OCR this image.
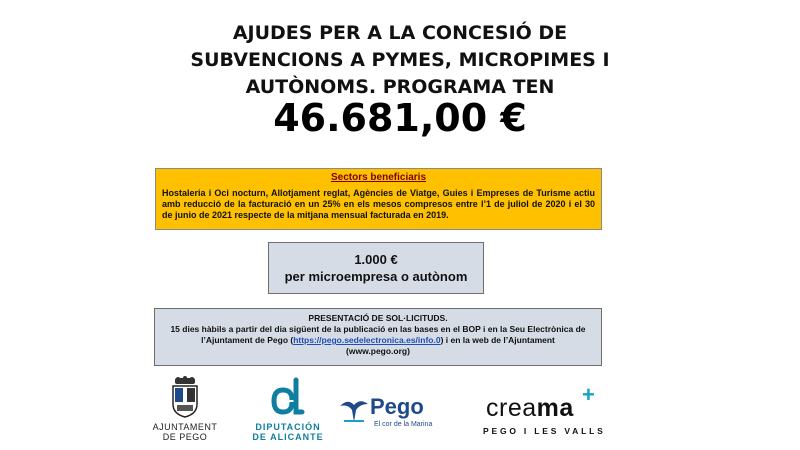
AJUDES PER A LA CONCESIÓ DE
SUBVENCIONS A PYMES, MICROPIMES I
AUTÒNOMS. PROGRAMA TEN
46.681,00 €
Sectors beneficiaris
Hostaleria i Oci nocturn, Allotjament reglat, Agències de Viatge, Guies i Empreses de Turisme actiu amb reducció de la facturació en un 25% en els mesos compresos entre l’1 de juliol de 2020 i el 30 de junio de 2021 respecte de la mitjana mensual facturada en 2019.
1.000 €
per microempresa o autònom
PRESENTACIÓ DE SOL·LICITUDS.
15 dies hàbils a partir del dia sigüent de la publicació en las bases en el BOP i en la Seu Electrònica de
l’Ajuntament de Pego (https://pego.sedelectronica.es/info.0) i en la web de l’Ajuntament
(www.pego.org)
AJUNTAMENT
DE PEGO
DIPUTACIÓN
DE ALICANTE
Pego
El cor de la Marina
creama +
PEGO I LES VALLS
